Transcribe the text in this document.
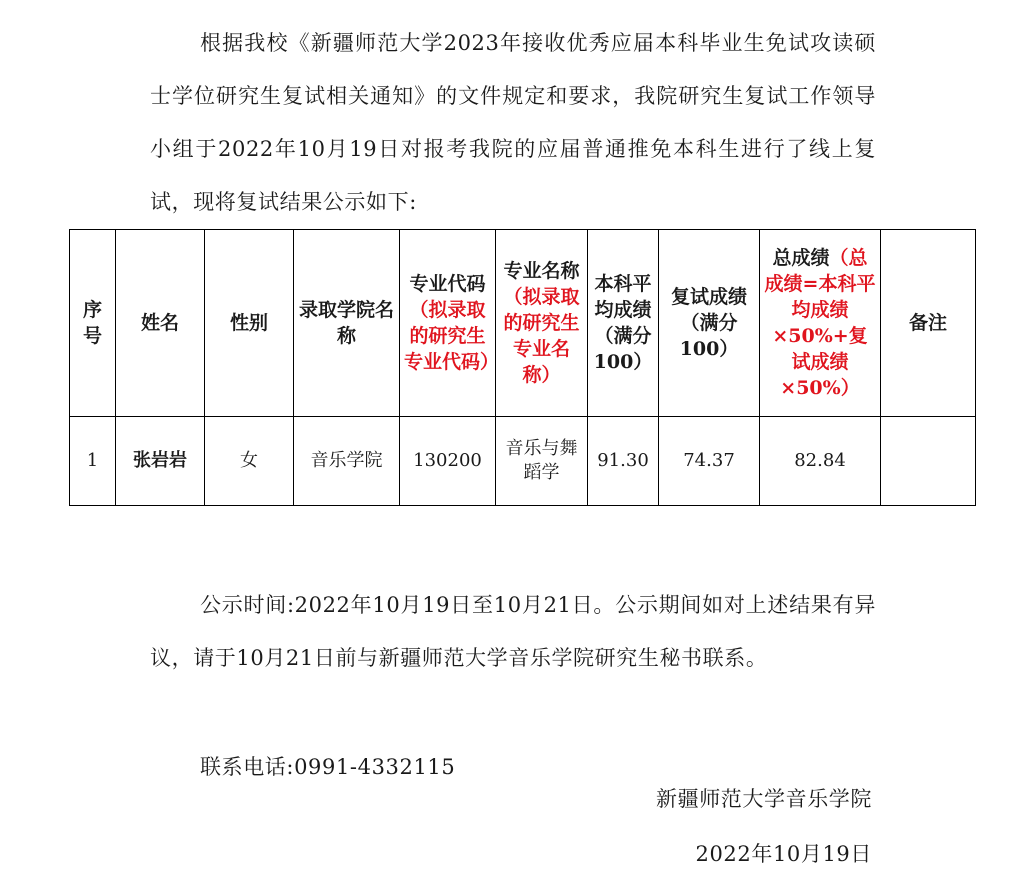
根据我校《新疆师范大学2023年接收优秀应届本科毕业生免试攻读硕士学位研究生复试相关通知》的文件规定和要求，我院研究生复试工作领导小组于2022年10月19日对报考我院的应届普通推免本科生进行了线上复试，现将复试结果公示如下:

序号	姓名	性别	录取学院名称	专业代码（拟录取的研究生专业代码）	专业名称（拟录取的研究生专业名称）	本科平均成绩（满分100）	复试成绩（满分100）	总成绩（总成绩=本科平均成绩×50%+复试成绩×50%）	备注
1	张岩岩	女	音乐学院	130200	音乐与舞蹈学	91.30	74.37	82.84	

公示时间:2022年10月19日至10月21日。公示期间如对上述结果有异议，请于10月21日前与新疆师范大学音乐学院研究生秘书联系。

联系电话:0991-4332115

新疆师范大学音乐学院
2022年10月19日
